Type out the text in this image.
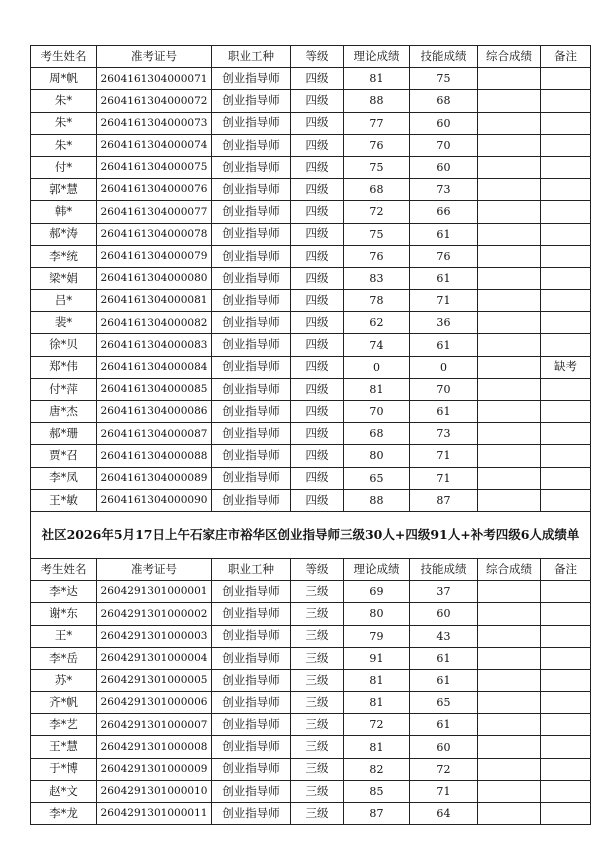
考生姓名	准考证号	职业工种	等级	理论成绩	技能成绩	综合成绩	备注
周*帆	2604161304000071	创业指导师	四级	81	75		
朱*	2604161304000072	创业指导师	四级	88	68		
朱*	2604161304000073	创业指导师	四级	77	60		
朱*	2604161304000074	创业指导师	四级	76	70		
付*	2604161304000075	创业指导师	四级	75	60		
郭*慧	2604161304000076	创业指导师	四级	68	73		
韩*	2604161304000077	创业指导师	四级	72	66		
郝*涛	2604161304000078	创业指导师	四级	75	61		
李*统	2604161304000079	创业指导师	四级	76	76		
梁*娟	2604161304000080	创业指导师	四级	83	61		
吕*	2604161304000081	创业指导师	四级	78	71		
裴*	2604161304000082	创业指导师	四级	62	36		
徐*贝	2604161304000083	创业指导师	四级	74	61		
郑*伟	2604161304000084	创业指导师	四级	0	0		缺考
付*萍	2604161304000085	创业指导师	四级	81	70		
唐*杰	2604161304000086	创业指导师	四级	70	61		
郝*珊	2604161304000087	创业指导师	四级	68	73		
贾*召	2604161304000088	创业指导师	四级	80	71		
李*凤	2604161304000089	创业指导师	四级	65	71		
王*敏	2604161304000090	创业指导师	四级	88	87		
社区2026年5月17日上午石家庄市裕华区创业指导师三级30人+四级91人+补考四级6人成绩单							
考生姓名	准考证号	职业工种	等级	理论成绩	技能成绩	综合成绩	备注
李*达	2604291301000001	创业指导师	三级	69	37		
谢*东	2604291301000002	创业指导师	三级	80	60		
王*	2604291301000003	创业指导师	三级	79	43		
李*岳	2604291301000004	创业指导师	三级	91	61		
苏*	2604291301000005	创业指导师	三级	81	61		
齐*帆	2604291301000006	创业指导师	三级	81	65		
李*艺	2604291301000007	创业指导师	三级	72	61		
王*慧	2604291301000008	创业指导师	三级	81	60		
于*博	2604291301000009	创业指导师	三级	82	72		
赵*文	2604291301000010	创业指导师	三级	85	71		
李*龙	2604291301000011	创业指导师	三级	87	64		
